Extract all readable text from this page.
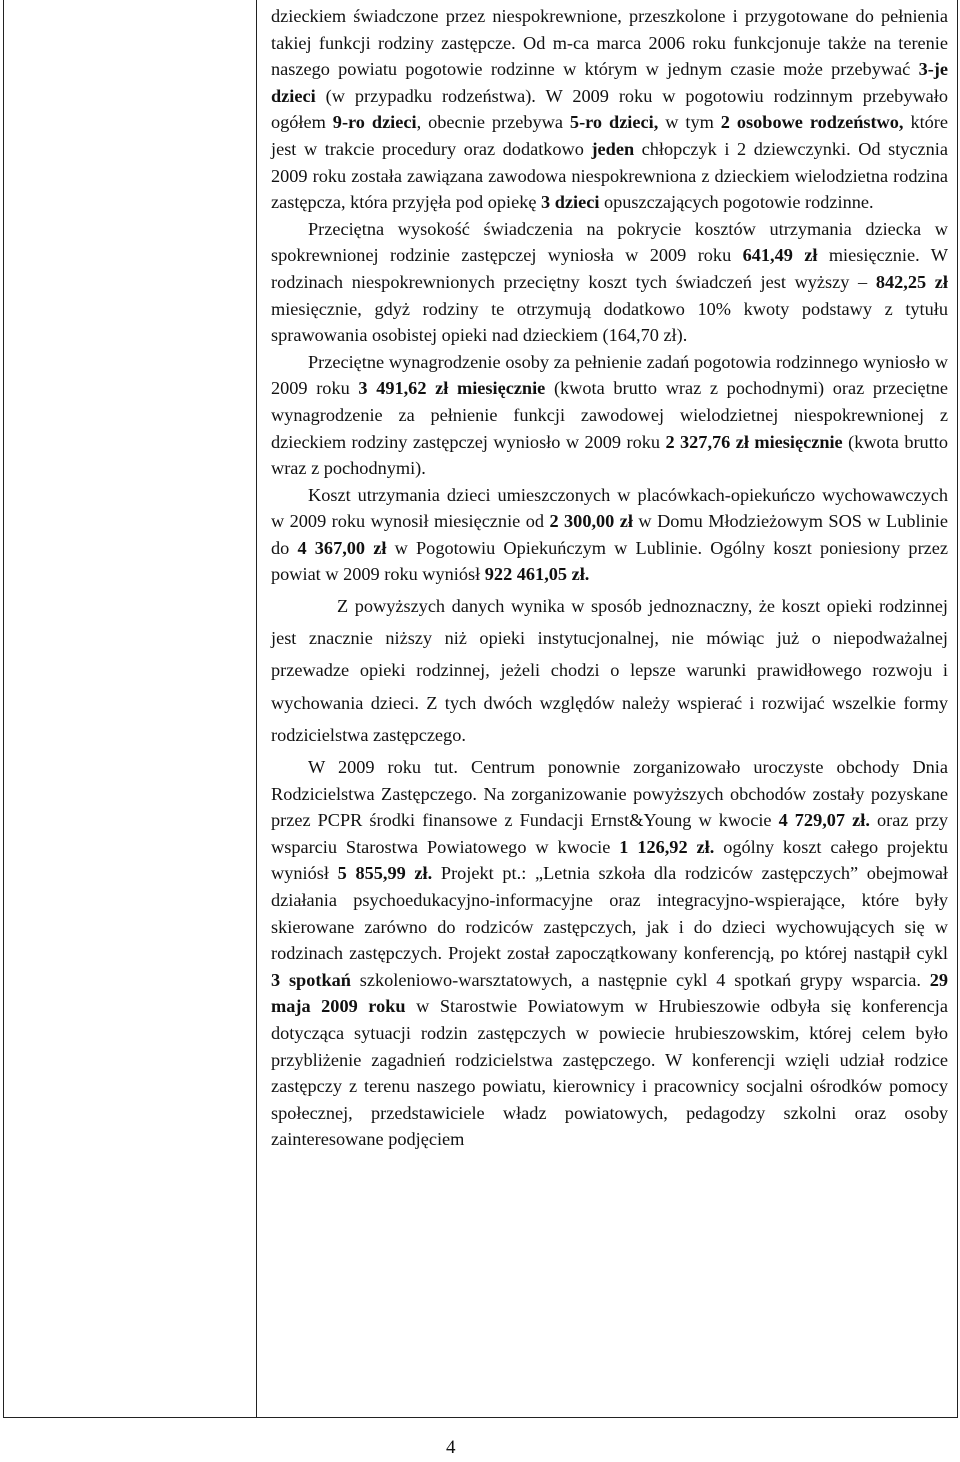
dzieckiem świadczone przez niespokrewnione, przeszkolone i przygotowane do pełnienia takiej funkcji rodziny zastępcze. Od m-ca marca 2006 roku funkcjonuje także na terenie naszego powiatu pogotowie rodzinne w którym w jednym czasie może przebywać 3-je dzieci (w przypadku rodzeństwa). W 2009 roku w pogotowiu rodzinnym przebywało ogółem 9-ro dzieci, obecnie przebywa 5-ro dzieci, w tym 2 osobowe rodzeństwo, które jest w trakcie procedury oraz dodatkowo jeden chłopczyk i 2 dziewczynki. Od stycznia 2009 roku została zawiązana zawodowa niespokrewniona z dzieckiem wielodzietna rodzina zastępcza, która przyjęła pod opiekę 3 dzieci opuszczających pogotowie rodzinne.

Przeciętna wysokość świadczenia na pokrycie kosztów utrzymania dziecka w spokrewnionej rodzinie zastępczej wyniosła w 2009 roku 641,49 zł miesięcznie. W rodzinach niespokrewnionych przeciętny koszt tych świadczeń jest wyższy – 842,25 zł miesięcznie, gdyż rodziny te otrzymują dodatkowo 10% kwoty podstawy z tytułu sprawowania osobistej opieki nad dzieckiem (164,70 zł).

Przeciętne wynagrodzenie osoby za pełnienie zadań pogotowia rodzinnego wyniosło w 2009 roku 3 491,62 zł miesięcznie (kwota brutto wraz z pochodnymi) oraz przeciętne wynagrodzenie za pełnienie funkcji zawodowej wielodzietnej niespokrewnionej z dzieckiem rodziny zastępczej wyniosło w 2009 roku 2 327,76 zł miesięcznie (kwota brutto wraz z pochodnymi).

Koszt utrzymania dzieci umieszczonych w placówkach-opiekuńczo wychowawczych w 2009 roku wynosił miesięcznie od 2 300,00 zł w Domu Młodzieżowym SOS w Lublinie do 4 367,00 zł w Pogotowiu Opiekuńczym w Lublinie. Ogólny koszt poniesiony przez powiat w 2009 roku wyniósł 922 461,05 zł.

Z powyższych danych wynika w sposób jednoznaczny, że koszt opieki rodzinnej jest znacznie niższy niż opieki instytucjonalnej, nie mówiąc już o niepodważalnej przewadze opieki rodzinnej, jeżeli chodzi o lepsze warunki prawidłowego rozwoju i wychowania dzieci. Z tych dwóch względów należy wspierać i rozwijać wszelkie formy rodzicielstwa zastępczego.

W 2009 roku tut. Centrum ponownie zorganizowało uroczyste obchody Dnia Rodzicielstwa Zastępczego. Na zorganizowanie powyższych obchodów zostały pozyskane przez PCPR środki finansowe z Fundacji Ernst&Young w kwocie 4 729,07 zł. oraz przy wsparciu Starostwa Powiatowego w kwocie 1 126,92 zł. ogólny koszt całego projektu wyniósł 5 855,99 zł. Projekt pt.: „Letnia szkoła dla rodziców zastępczych” obejmował działania psychoedukacyjno-informacyjne oraz integracyjno-wspierające, które były skierowane zarówno do rodziców zastępczych, jak i do dzieci wychowujących się w rodzinach zastępczych. Projekt został zapoczątkowany konferencją, po której nastąpił cykl 3 spotkań szkoleniowo-warsztatowych, a następnie cykl 4 spotkań grypy wsparcia. 29 maja 2009 roku w Starostwie Powiatowym w Hrubieszowie odbyła się konferencja dotycząca sytuacji rodzin zastępczych w powiecie hrubieszowskim, której celem było przybliżenie zagadnień rodzicielstwa zastępczego. W konferencji wzięli udział rodzice zastępczy z terenu naszego powiatu, kierownicy i pracownicy socjalni ośrodków pomocy społecznej, przedstawiciele władz powiatowych, pedagodzy szkolni oraz osoby zainteresowane podjęciem

4
